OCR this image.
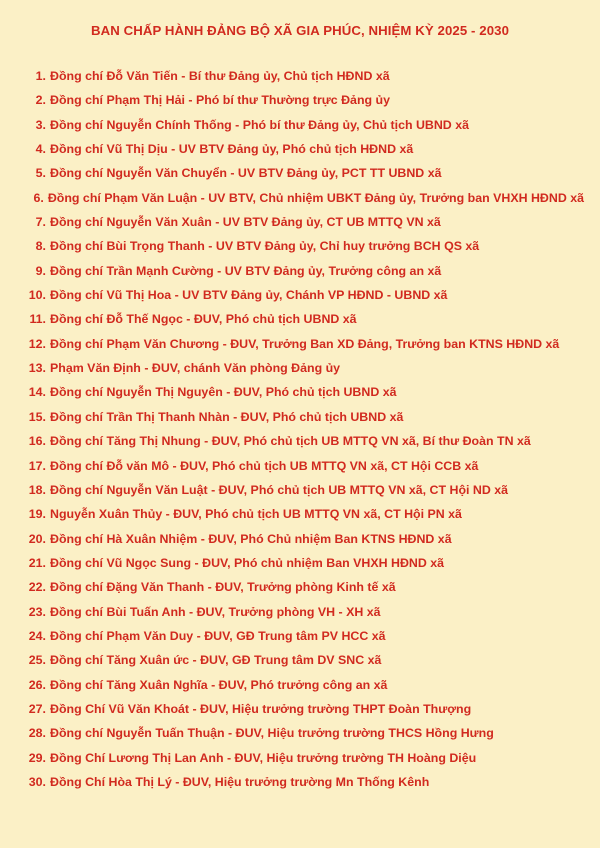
BAN CHẤP HÀNH ĐẢNG BỘ XÃ GIA PHÚC, NHIỆM KỲ 2025 - 2030
1. Đồng chí Đỗ Văn Tiến - Bí thư Đảng ủy, Chủ tịch HĐND xã
2. Đồng chí Phạm Thị Hải - Phó bí thư Thường trực Đảng ủy
3. Đồng chí Nguyễn Chính Thống - Phó bí thư Đảng ủy, Chủ tịch UBND xã
4. Đồng chí Vũ Thị Dịu - UV BTV Đảng ủy, Phó chủ tịch HĐND xã
5. Đồng chí Nguyễn Văn Chuyển - UV BTV Đảng ủy, PCT TT UBND xã
6. Đồng chí Phạm Văn Luận - UV BTV, Chủ nhiệm UBKT Đảng ủy, Trưởng ban VHXH HĐND xã
7. Đồng chí Nguyễn Văn Xuân - UV BTV Đảng ủy, CT UB MTTQ VN xã
8. Đồng chí Bùi Trọng Thanh - UV BTV Đảng ủy, Chỉ huy trưởng BCH QS xã
9. Đồng chí Trần Mạnh Cường - UV BTV Đảng ủy, Trưởng công an xã
10. Đồng chí Vũ Thị Hoa - UV BTV Đảng ủy, Chánh VP HĐND - UBND xã
11. Đồng chí Đỗ Thế Ngọc - ĐUV, Phó chủ tịch UBND xã
12. Đồng chí Phạm Văn Chương - ĐUV, Trưởng Ban XD Đảng, Trưởng ban KTNS HĐND xã
13. Phạm Văn Định - ĐUV, chánh Văn phòng Đảng ủy
14. Đồng chí Nguyễn Thị Nguyên - ĐUV, Phó chủ tịch UBND xã
15. Đồng chí Trần Thị Thanh Nhàn - ĐUV, Phó chủ tịch UBND xã
16. Đồng chí Tăng Thị Nhung - ĐUV, Phó chủ tịch UB MTTQ VN xã, Bí thư Đoàn TN xã
17. Đồng chí Đỗ văn Mô - ĐUV, Phó chủ tịch UB MTTQ VN xã, CT Hội CCB xã
18. Đồng chí Nguyễn Văn Luật - ĐUV, Phó chủ tịch UB MTTQ VN xã, CT Hội ND xã
19. Nguyễn Xuân Thủy - ĐUV, Phó chủ tịch UB MTTQ VN xã, CT Hội PN xã
20. Đồng chí Hà Xuân Nhiệm - ĐUV, Phó Chủ nhiệm Ban KTNS HĐND xã
21. Đồng chí Vũ Ngọc Sung - ĐUV, Phó chủ nhiệm Ban VHXH HĐND xã
22. Đồng chí Đặng Văn Thanh - ĐUV, Trưởng phòng Kinh tế xã
23. Đồng chí Bùi Tuấn Anh - ĐUV, Trưởng phòng VH - XH xã
24. Đồng chí Phạm Văn Duy - ĐUV, GĐ Trung tâm PV HCC xã
25. Đồng chí Tăng Xuân ức - ĐUV, GĐ Trung tâm DV SNC xã
26. Đồng chí Tăng Xuân Nghĩa - ĐUV, Phó trưởng công an xã
27. Đồng Chí Vũ Văn Khoát - ĐUV, Hiệu trưởng trường THPT Đoàn Thượng
28. Đồng chí Nguyễn Tuấn Thuận - ĐUV, Hiệu trưởng trường THCS Hồng Hưng
29. Đồng Chí Lương Thị Lan Anh - ĐUV, Hiệu trưởng trường TH Hoàng Diệu
30. Đồng Chí Hòa Thị Lý - ĐUV, Hiệu trưởng trường Mn Thống Kênh
